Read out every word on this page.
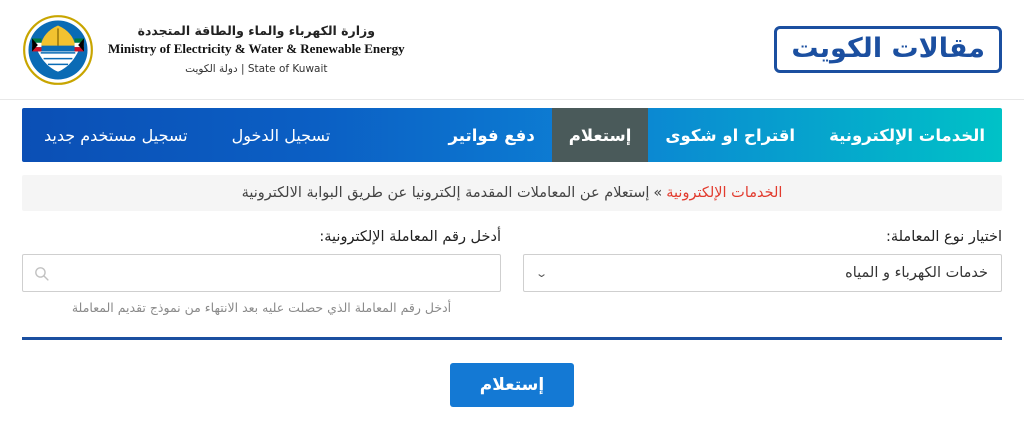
مقالات الكويت
وزارة الكهرباء والماء والطاقة المتجددة
Ministry of Electricity & Water & Renewable Energy
State of Kuwait | دولة الكويت
الخدمات الإلكترونية
اقتراح او شكوى
إستعلام
دفع فواتير
تسجيل الدخول
تسجيل مستخدم جديد
الخدمات الإلكترونية
»
إستعلام عن المعاملات المقدمة إلكترونيا عن طريق البوابة الالكترونية
اختيار نوع المعاملة:
خدمات الكهرباء و المياه
⌄
أدخل رقم المعاملة الإلكترونية:
أدخل رقم المعاملة الذي حصلت عليه بعد الانتهاء من نموذج تقديم المعاملة
إستعلام
